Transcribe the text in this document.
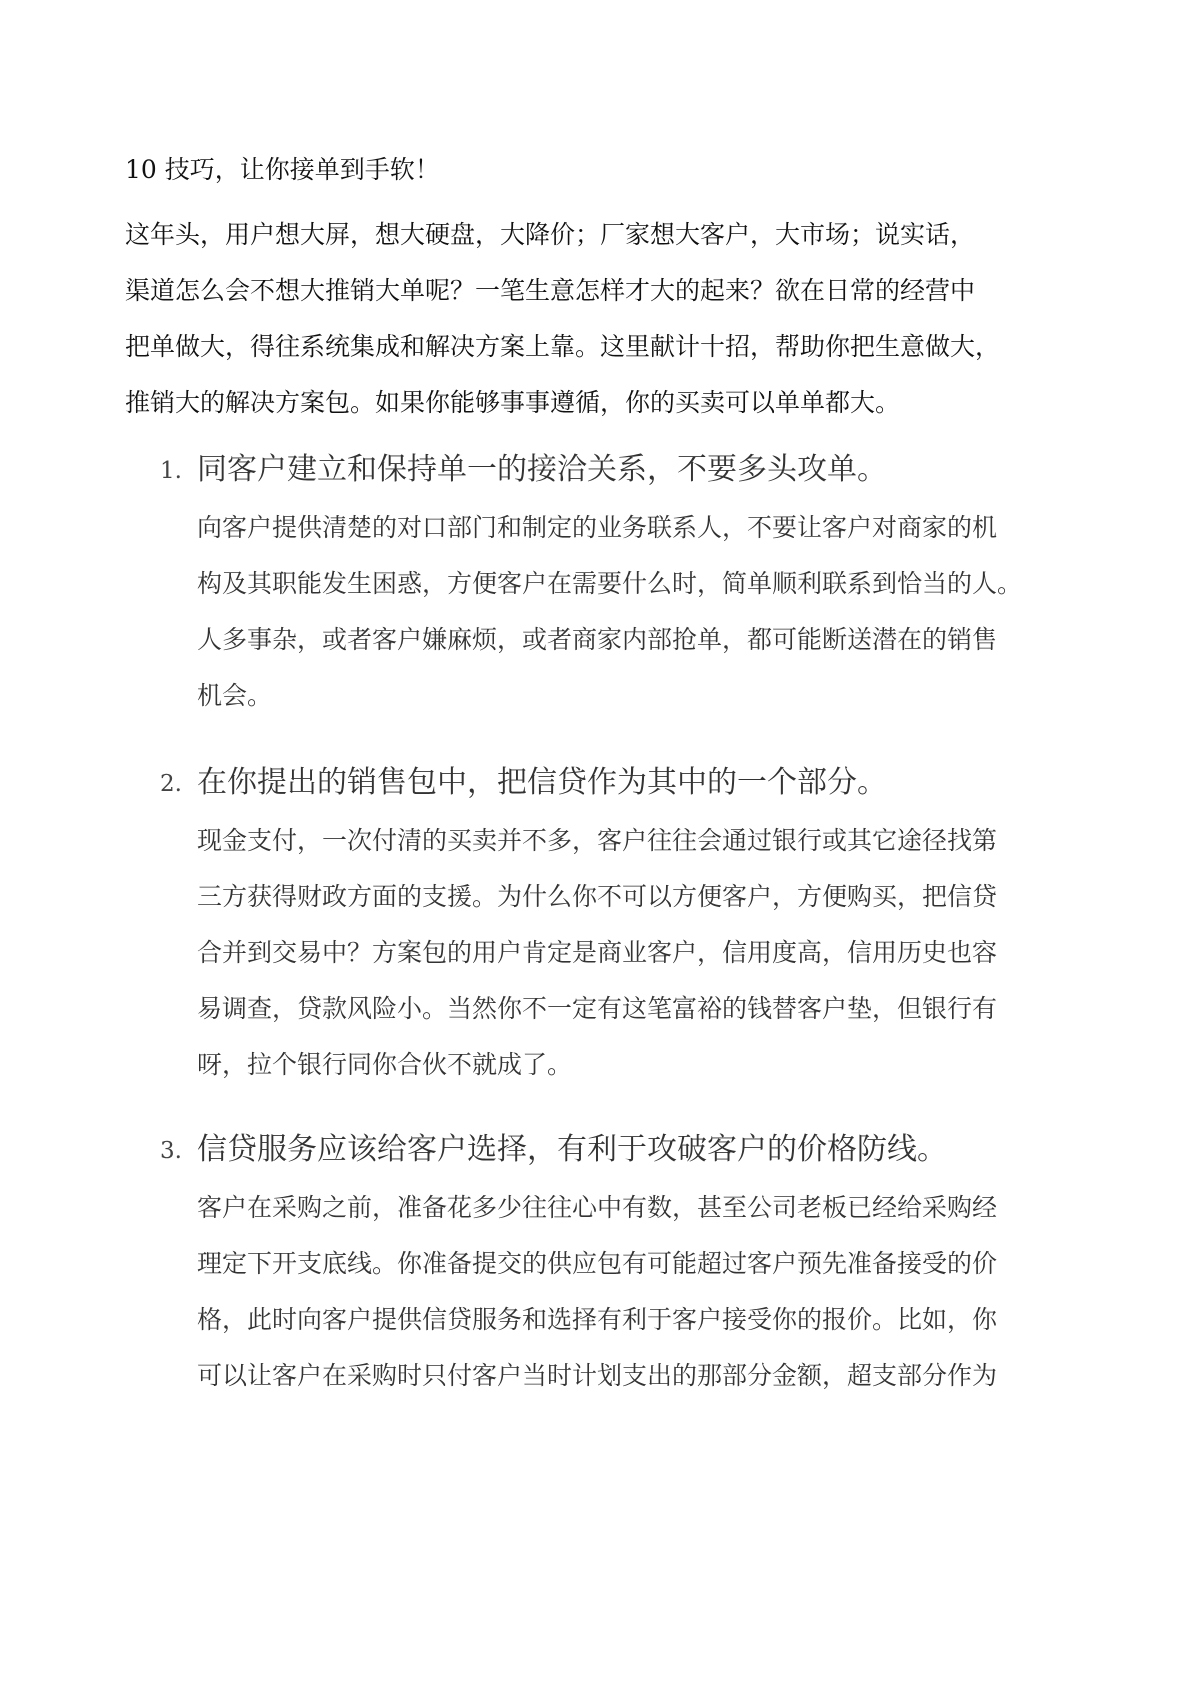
10 技巧，让你接单到手软！
这年头，用户想大屏，想大硬盘，大降价；厂家想大客户，大市场；说实话，
渠道怎么会不想大推销大单呢？一笔生意怎样才大的起来？欲在日常的经营中
把单做大，得往系统集成和解决方案上靠。这里献计十招，帮助你把生意做大，
推销大的解决方案包。如果你能够事事遵循，你的买卖可以单单都大。
1. 同客户建立和保持单一的接洽关系，不要多头攻单。
向客户提供清楚的对口部门和制定的业务联系人，不要让客户对商家的机
构及其职能发生困惑，方便客户在需要什么时，简单顺利联系到恰当的人。
人多事杂，或者客户嫌麻烦，或者商家内部抢单，都可能断送潜在的销售
机会。
2. 在你提出的销售包中，把信贷作为其中的一个部分。
现金支付，一次付清的买卖并不多，客户往往会通过银行或其它途径找第
三方获得财政方面的支援。为什么你不可以方便客户，方便购买，把信贷
合并到交易中？方案包的用户肯定是商业客户，信用度高，信用历史也容
易调查，贷款风险小。当然你不一定有这笔富裕的钱替客户垫，但银行有
呀，拉个银行同你合伙不就成了。
3. 信贷服务应该给客户选择，有利于攻破客户的价格防线。
客户在采购之前，准备花多少往往心中有数，甚至公司老板已经给采购经
理定下开支底线。你准备提交的供应包有可能超过客户预先准备接受的价
格，此时向客户提供信贷服务和选择有利于客户接受你的报价。比如，你
可以让客户在采购时只付客户当时计划支出的那部分金额，超支部分作为
